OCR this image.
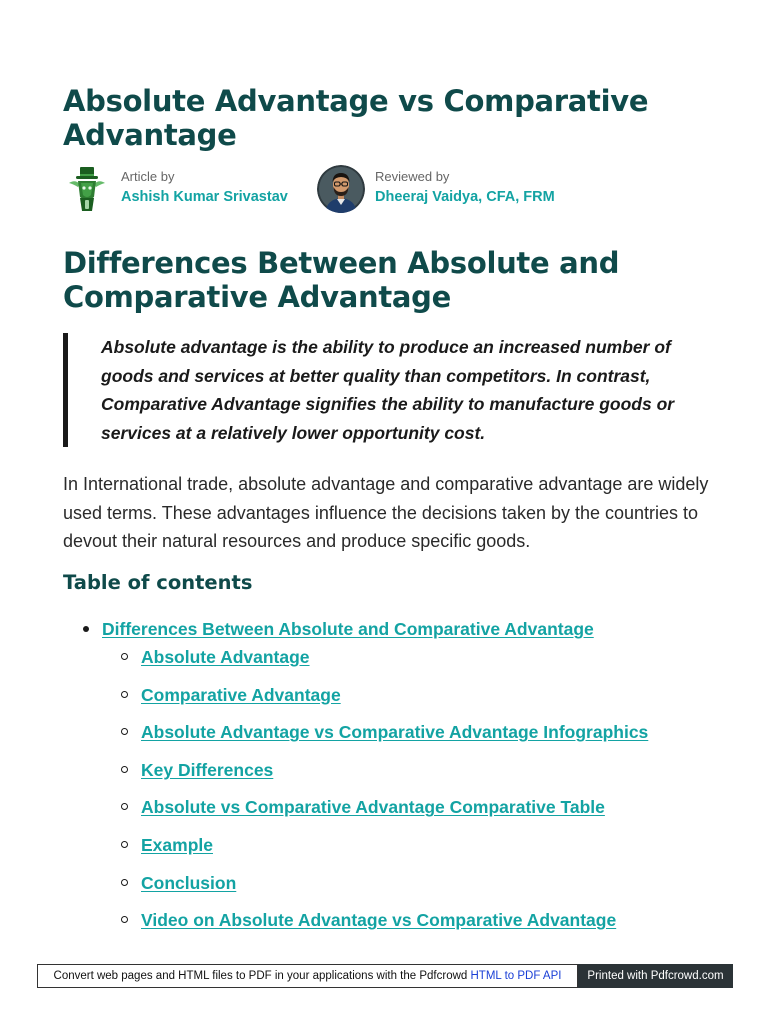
Absolute Advantage vs Comparative Advantage
Article by
Ashish Kumar Srivastav
Reviewed by
Dheeraj Vaidya, CFA, FRM
Differences Between Absolute and Comparative Advantage

Absolute advantage is the ability to produce an increased number of goods and services at better quality than competitors. In contrast, Comparative Advantage signifies the ability to manufacture goods or services at a relatively lower opportunity cost.

In International trade, absolute advantage and comparative advantage are widely used terms. These advantages influence the decisions taken by the countries to devout their natural resources and produce specific goods.

Table of contents
Differences Between Absolute and Comparative Advantage
Absolute Advantage
Comparative Advantage
Absolute Advantage vs Comparative Advantage Infographics
Key Differences
Absolute vs Comparative Advantage Comparative Table
Example
Conclusion
Video on Absolute Advantage vs Comparative Advantage
Convert web pages and HTML files to PDF in your applications with the Pdfcrowd HTML to PDF API	Printed with Pdfcrowd.com
